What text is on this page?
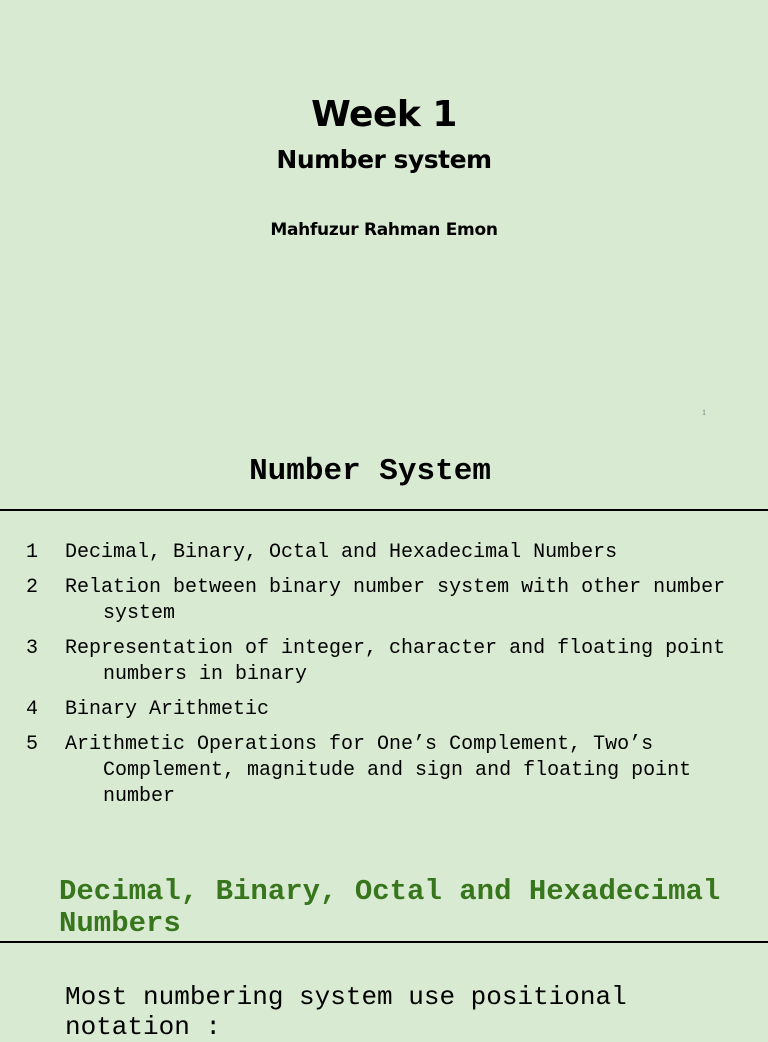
Week 1
Number system
Mahfuzur Rahman Emon
1
Number System
1	Decimal, Binary, Octal and Hexadecimal Numbers
2	Relation between binary number system with other number system
3	Representation of integer, character and floating point numbers in binary
4	Binary Arithmetic
5	Arithmetic Operations for One’s Complement, Two’s Complement, magnitude and sign and floating point number
Decimal, Binary, Octal and Hexadecimal Numbers
Most numbering system use positional notation :
